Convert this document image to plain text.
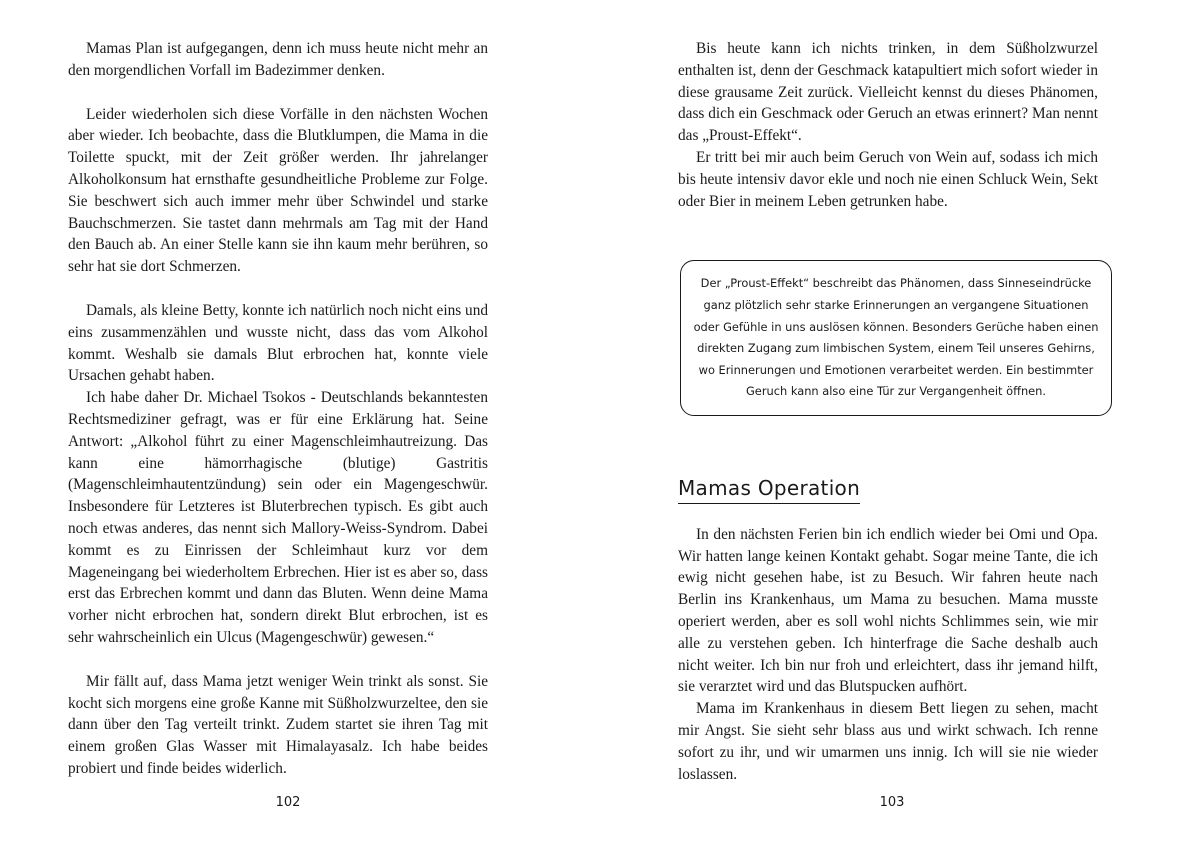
Mamas Plan ist aufgegangen, denn ich muss heute nicht mehr an den morgendlichen Vorfall im Badezimmer denken.

Leider wiederholen sich diese Vorfälle in den nächsten Wochen aber wieder. Ich beobachte, dass die Blutklumpen, die Mama in die Toilette spuckt, mit der Zeit größer werden. Ihr jahrelanger Alkoholkonsum hat ernsthafte gesundheitliche Probleme zur Folge. Sie beschwert sich auch immer mehr über Schwindel und starke Bauchschmerzen. Sie tastet dann mehrmals am Tag mit der Hand den Bauch ab. An einer Stelle kann sie ihn kaum mehr berühren, so sehr hat sie dort Schmerzen.

Damals, als kleine Betty, konnte ich natürlich noch nicht eins und eins zusammenzählen und wusste nicht, dass das vom Alkohol kommt. Weshalb sie damals Blut erbrochen hat, konnte viele Ursachen gehabt haben.

Ich habe daher Dr. Michael Tsokos - Deutschlands bekanntesten Rechtsmediziner gefragt, was er für eine Erklärung hat. Seine Antwort: „Alkohol führt zu einer Magenschleimhautreizung. Das kann eine hämorrhagische (blutige) Gastritis (Magenschleimhautentzündung) sein oder ein Magengeschwür. Insbesondere für Letzteres ist Bluterbrechen typisch. Es gibt auch noch etwas anderes, das nennt sich Mallory-Weiss-Syndrom. Dabei kommt es zu Einrissen der Schleimhaut kurz vor dem Mageneingang bei wiederholtem Erbrechen. Hier ist es aber so, dass erst das Erbrechen kommt und dann das Bluten. Wenn deine Mama vorher nicht erbrochen hat, sondern direkt Blut erbrochen, ist es sehr wahrscheinlich ein Ulcus (Magengeschwür) gewesen.“

Mir fällt auf, dass Mama jetzt weniger Wein trinkt als sonst. Sie kocht sich morgens eine große Kanne mit Süßholzwurzeltee, den sie dann über den Tag verteilt trinkt. Zudem startet sie ihren Tag mit einem großen Glas Wasser mit Himalayasalz. Ich habe beides probiert und finde beides widerlich.

102

Bis heute kann ich nichts trinken, in dem Süßholzwurzel enthalten ist, denn der Geschmack katapultiert mich sofort wieder in diese grausame Zeit zurück. Vielleicht kennst du dieses Phänomen, dass dich ein Geschmack oder Geruch an etwas erinnert? Man nennt das „Proust-Effekt“.

Er tritt bei mir auch beim Geruch von Wein auf, sodass ich mich bis heute intensiv davor ekle und noch nie einen Schluck Wein, Sekt oder Bier in meinem Leben getrunken habe.

Der „Proust-Effekt“ beschreibt das Phänomen, dass Sinneseindrücke ganz plötzlich sehr starke Erinnerungen an vergangene Situationen oder Gefühle in uns auslösen können. Besonders Gerüche haben einen direkten Zugang zum limbischen System, einem Teil unseres Gehirns, wo Erinnerungen und Emotionen verarbeitet werden. Ein bestimmter Geruch kann also eine Tür zur Vergangenheit öffnen.

Mamas Operation

In den nächsten Ferien bin ich endlich wieder bei Omi und Opa. Wir hatten lange keinen Kontakt gehabt. Sogar meine Tante, die ich ewig nicht gesehen habe, ist zu Besuch. Wir fahren heute nach Berlin ins Krankenhaus, um Mama zu besuchen. Mama musste operiert werden, aber es soll wohl nichts Schlimmes sein, wie mir alle zu verstehen geben. Ich hinterfrage die Sache deshalb auch nicht weiter. Ich bin nur froh und erleichtert, dass ihr jemand hilft, sie verarztet wird und das Blutspucken aufhört.

Mama im Krankenhaus in diesem Bett liegen zu sehen, macht mir Angst. Sie sieht sehr blass aus und wirkt schwach. Ich renne sofort zu ihr, und wir umarmen uns innig. Ich will sie nie wieder loslassen.

103
